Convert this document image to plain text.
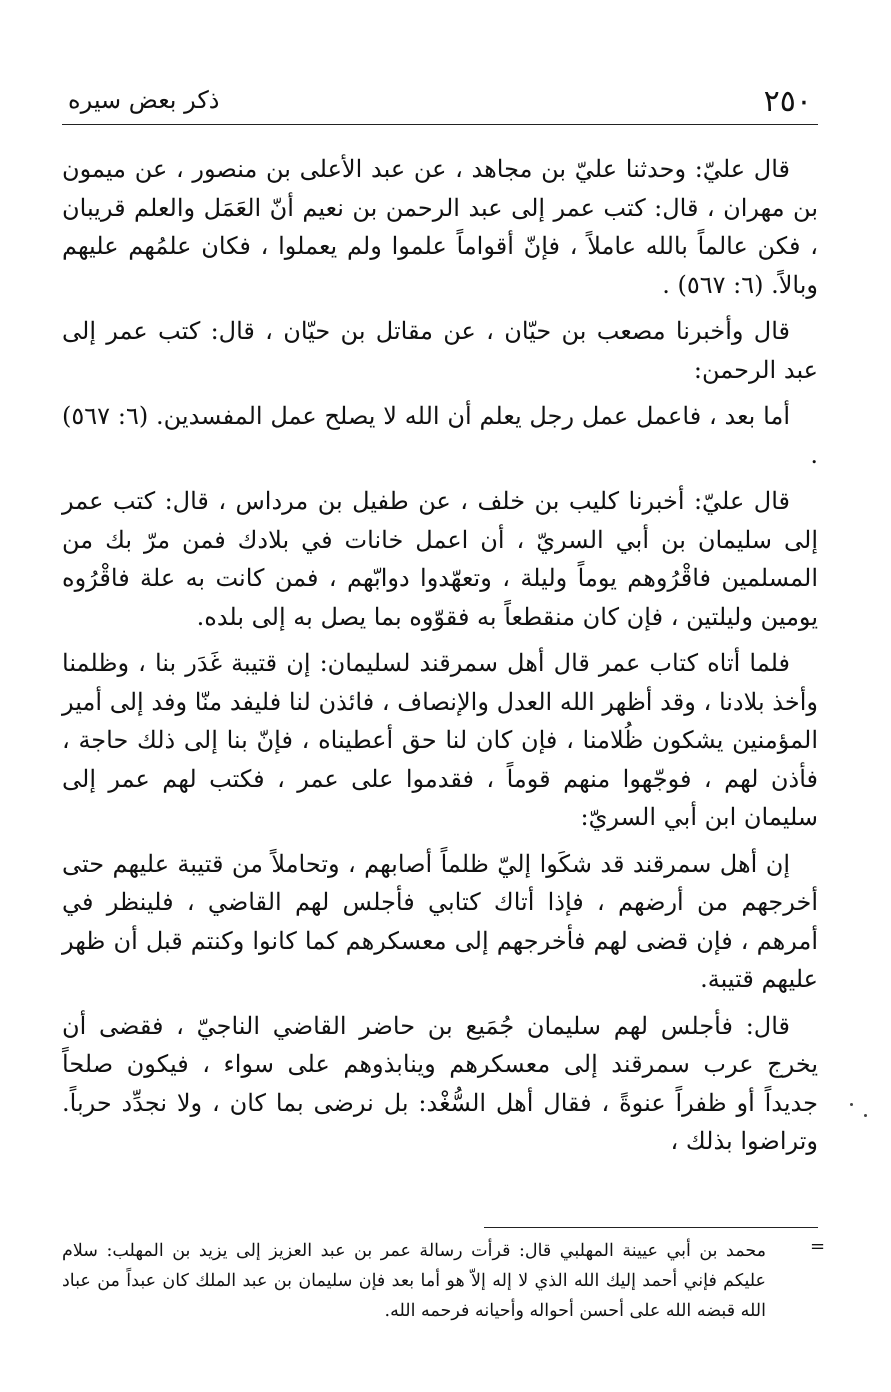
٢٥٠
ذكر بعض سيره

قال عليّ: وحدثنا عليّ بن مجاهد ، عن عبد الأعلى بن منصور ، عن ميمون بن مهران ، قال: كتب عمر إلى عبد الرحمن بن نعيم أنّ العَمَل والعلم قريبان ، فكن عالماً بالله عاملاً ، فإنّ أقواماً علموا ولم يعملوا ، فكان علمُهم عليهم وبالاً. (٦: ٥٦٧) .

قال وأخبرنا مصعب بن حيّان ، عن مقاتل بن حيّان ، قال: كتب عمر إلى عبد الرحمن:

أما بعد ، فاعمل عمل رجل يعلم أن الله لا يصلح عمل المفسدين. (٦: ٥٦٧) .

قال عليّ: أخبرنا كليب بن خلف ، عن طفيل بن مرداس ، قال: كتب عمر إلى سليمان بن أبي السريّ ، أن اعمل خانات في بلادك فمن مرّ بك من المسلمين فاقْرُوهم يوماً وليلة ، وتعهّدوا دوابّهم ، فمن كانت به علة فاقْرُوه يومين وليلتين ، فإن كان منقطعاً به فقوّوه بما يصل به إلى بلده.

فلما أتاه كتاب عمر قال أهل سمرقند لسليمان: إن قتيبة غَدَر بنا ، وظلمنا وأخذ بلادنا ، وقد أظهر الله العدل والإنصاف ، فائذن لنا فليفد منّا وفد إلى أمير المؤمنين يشكون ظُلامنا ، فإن كان لنا حق أعطيناه ، فإنّ بنا إلى ذلك حاجة ، فأذن لهم ، فوجّهوا منهم قوماً ، فقدموا على عمر ، فكتب لهم عمر إلى سليمان ابن أبي السريّ:

إن أهل سمرقند قد شكَوا إليّ ظلماً أصابهم ، وتحاملاً من قتيبة عليهم حتى أخرجهم من أرضهم ، فإذا أتاك كتابي فأجلس لهم القاضي ، فلينظر في أمرهم ، فإن قضى لهم فأخرجهم إلى معسكرهم كما كانوا وكنتم قبل أن ظهر عليهم قتيبة.

قال: فأجلس لهم سليمان جُمَيع بن حاضر القاضي الناجيّ ، فقضى أن يخرج عرب سمرقند إلى معسكرهم وينابذوهم على سواء ، فيكون صلحاً جديداً أو ظفراً عنوةً ، فقال أهل السُّغْد: بل نرضى بما كان ، ولا نجدِّد حرباً. وتراضوا بذلك ،

=
محمد بن أبي عيينة المهلبي قال: قرأت رسالة عمر بن عبد العزيز إلى يزيد بن المهلب: سلام عليكم فإني أحمد إليك الله الذي لا إله إلاّ هو أما بعد فإن سليمان بن عبد الملك كان عبداً من عباد الله قبضه الله على أحسن أحواله وأحيانه فرحمه الله.
